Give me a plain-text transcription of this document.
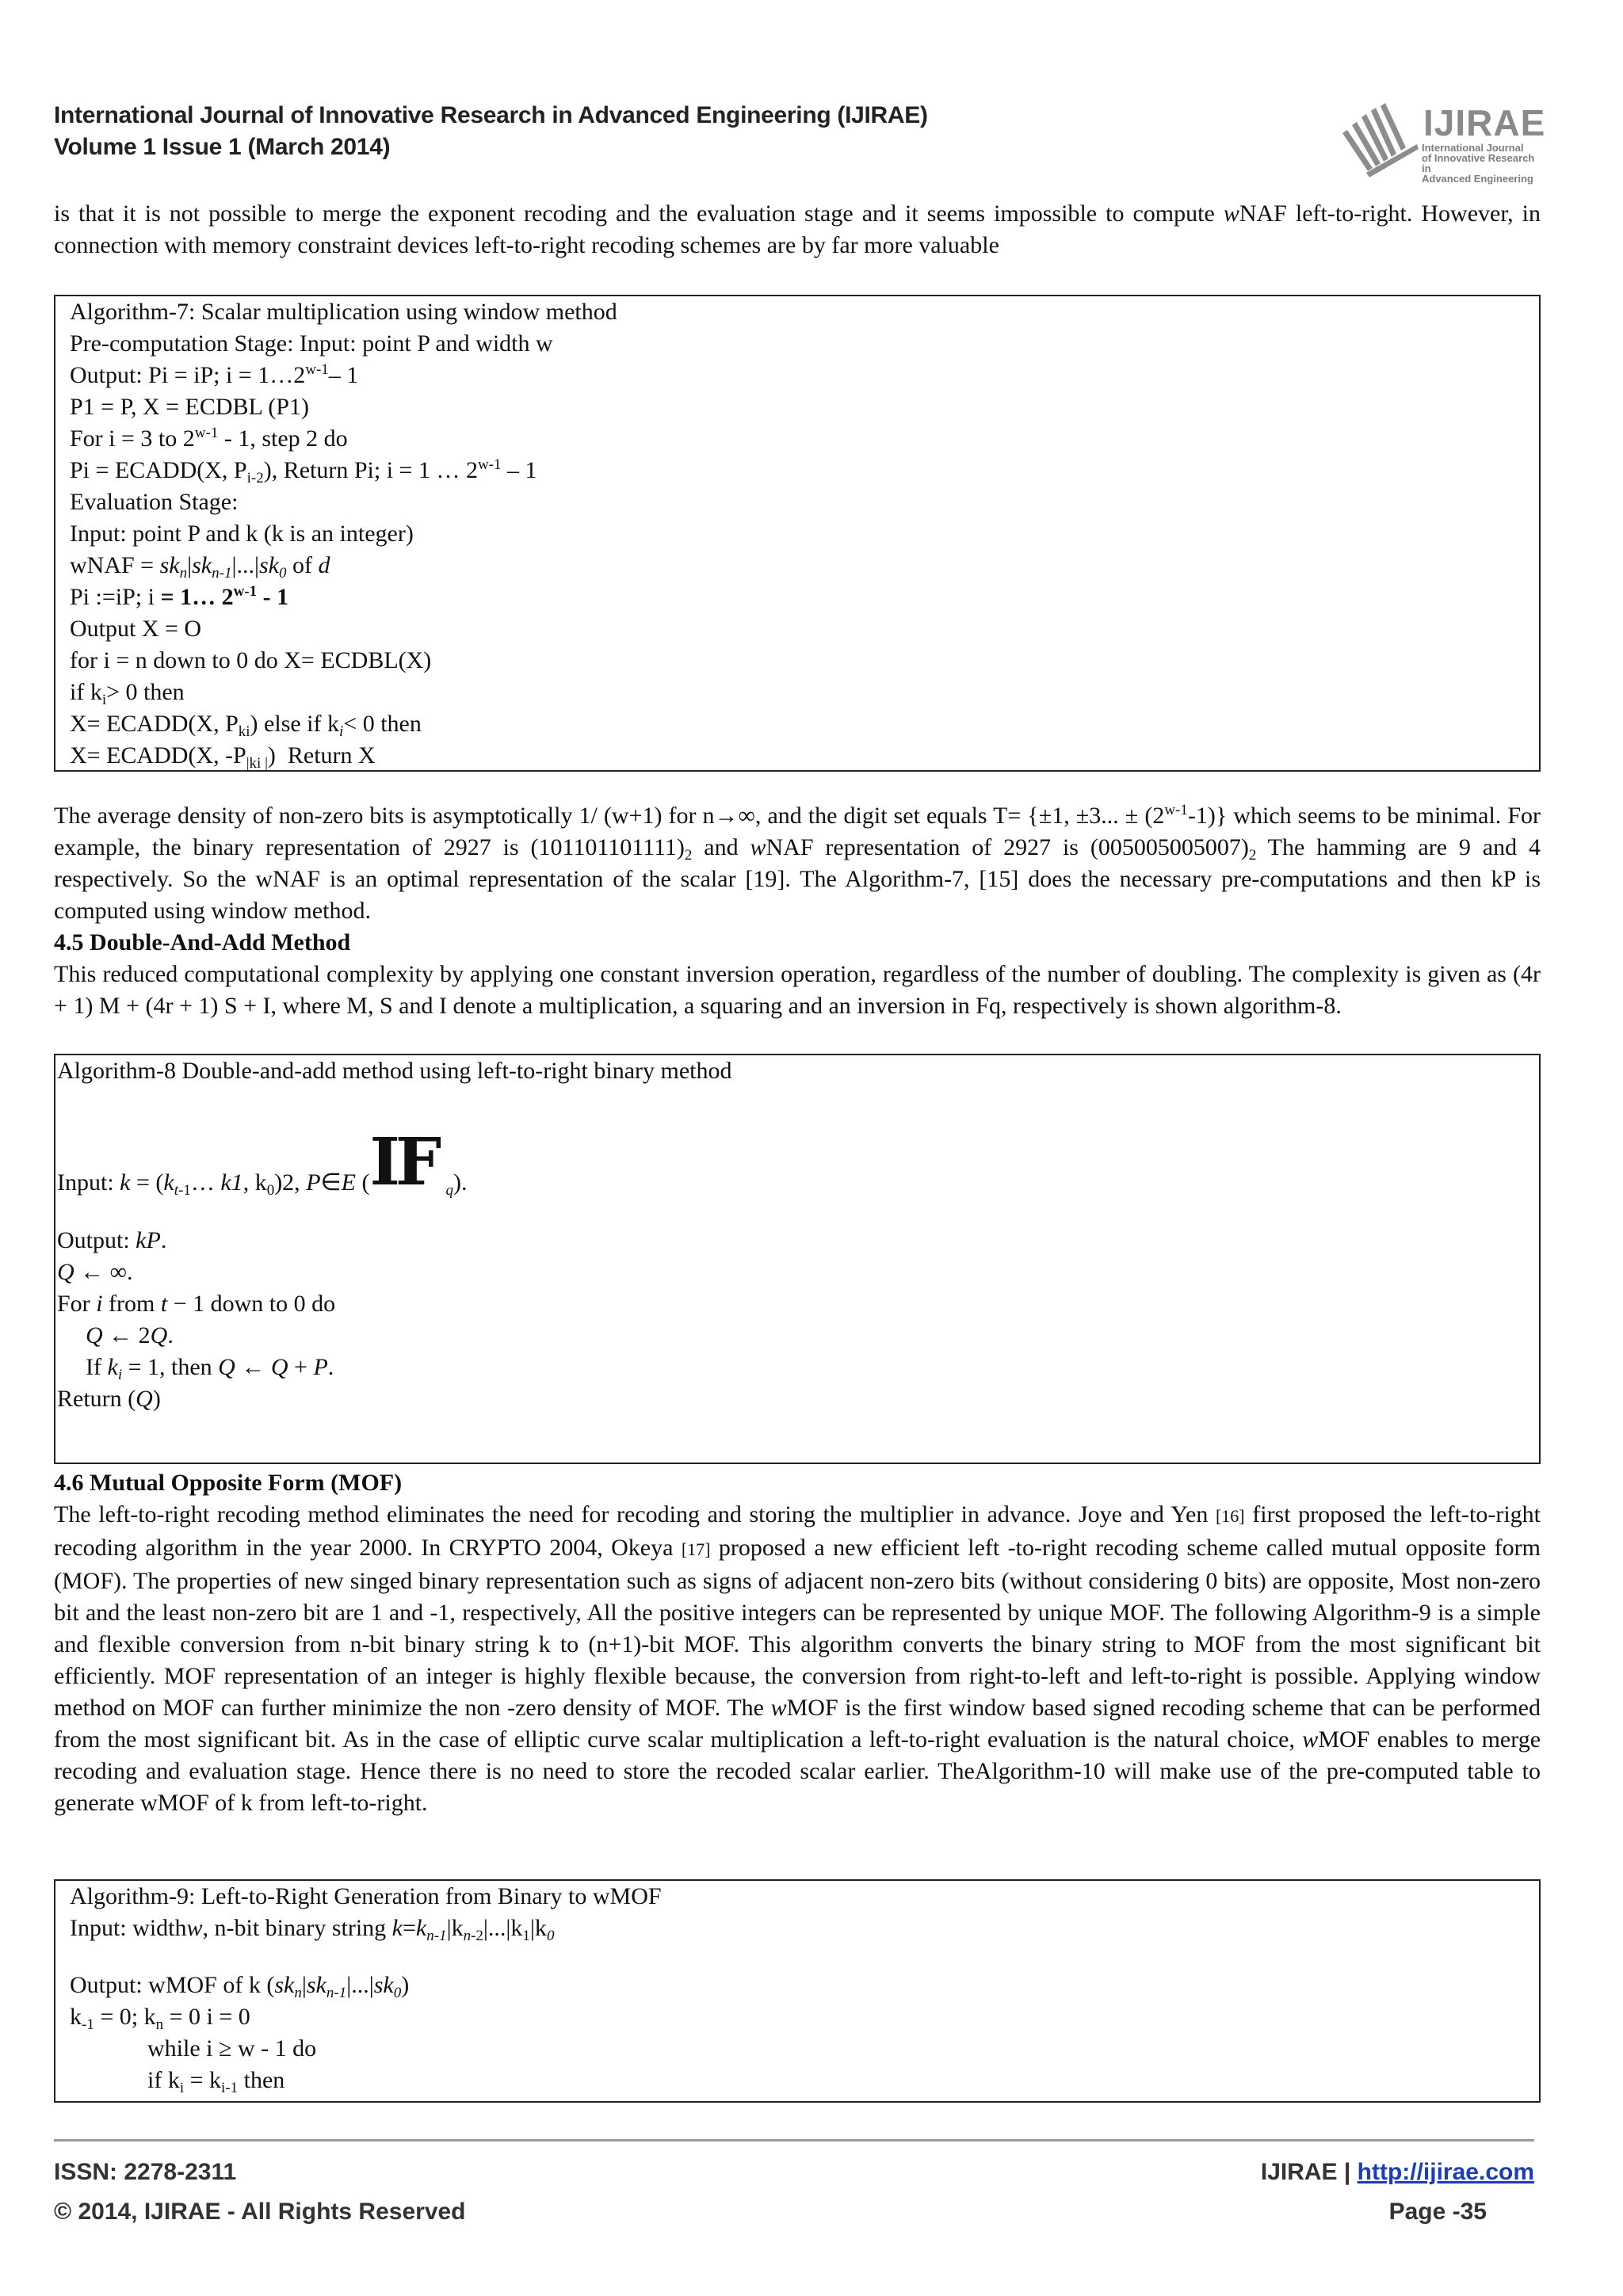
International Journal of Innovative Research in Advanced Engineering (IJIRAE)
Volume 1 Issue 1 (March 2014)
IJIRAE
International Journal
of Innovative Research in
Advanced Engineering

is that it is not possible to merge the exponent recoding and the evaluation stage and it seems impossible to compute wNAF left-to-right. However, in connection with memory constraint devices left-to-right recoding schemes are by far more valuable

Algorithm-7: Scalar multiplication using window method
Pre-computation Stage: Input: point P and width w
Output: Pi = iP; $i = 1\dots 2^{w-1}-$ 1
P1 = P, X = ECDBL (P1)
For i = 3 to 2$^{w-1}$ - 1, step 2 do
Pi = ECADD(X, $P_{i-2}$), Return Pi; i = 1 … 2$^{w-1}$ – 1
Evaluation Stage:
Input: point P and k (k is an integer)
wNAF = $sk_n|sk_{n-1}|...|sk_0$ of d
Pi :=iP; i = 1… 2$^{w-1}$ - 1
Output X = O
for i = n down to 0 do X= ECDBL(X)
if $k_i> 0$ then
X= ECADD(X, $P_{ki}$) else if $k_i< 0$ then
X= ECADD(X, $-P_{|ki |}$)  Return X

The average density of non-zero bits is asymptotically 1/ (w+1) for n→∞, and the digit set equals T= {±1, ±3... ± $(2^{w-1}-1)$} which seems to be minimal. For example, the binary representation of 2927 is $(101101101111)_2$ and wNAF representation of 2927 is $(005005005007)_2$ The hamming are 9 and 4 respectively. So the wNAF is an optimal representation of the scalar [19]. The Algorithm-7, [15] does the necessary pre-computations and then kP is computed using window method.

4.5 Double-And-Add Method
This reduced computational complexity by applying one constant inversion operation, regardless of the number of doubling. The complexity is given as (4r + 1) M + (4r + 1) S + I, where M, S and I denote a multiplication, a squaring and an inversion in Fq, respectively is shown algorithm-8.
Algorithm-8 Double-and-add method using left-to-right binary method
Input: $k = (k_{t-1}\dots$ k1, $k_0)2$, P∈E ( IF $_q$).
Output: kP.
Q ← ∞.
For i from t − 1 down to 0 do
Q ← 2Q.
If $k_i = 1$, then Q ← Q + P.
Return (Q)
4.6 Mutual Opposite Form (MOF)

The left-to-right recoding method eliminates the need for recoding and storing the multiplier in advance. Joye and Yen [16] first proposed the left-to-right recoding algorithm in the year 2000. In CRYPTO 2004, Okeya [17] proposed a new efficient left -to-right recoding scheme called mutual opposite form (MOF). The properties of new singed binary representation such as signs of adjacent non-zero bits (without considering 0 bits) are opposite, Most non-zero bit and the least non-zero bit are 1 and -1, respectively, All the positive integers can be represented by unique MOF. The following Algorithm-9 is a simple and flexible conversion from n-bit binary string k to (n+1)-bit MOF. This algorithm converts the binary string to MOF from the most significant bit efficiently. MOF representation of an integer is highly flexible because, the conversion from right-to-left and left-to-right is possible. Applying window method on MOF can further minimize the non -zero density of MOF. The wMOF is the first window based signed recoding scheme that can be performed from the most significant bit. As in the case of elliptic curve scalar multiplication a left-to-right evaluation is the natural choice, wMOF enables to merge recoding and evaluation stage. Hence there is no need to store the recoded scalar earlier. TheAlgorithm-10 will make use of the pre-computed table to generate wMOF of k from left-to-right.

Algorithm-9: Left-to-Right Generation from Binary to wMOF
Input: widthw, n-bit binary string $k=k_{n-1}|k_{n-2}|...|k_1|k_0$
Output: wMOF of k $(sk_n|sk_{n-1}|...|sk_0)$
$k_{-1} = 0$; $k_n = 0$ i = 0
while i ≥ w - 1 do
if $k_i = k_{i-1}$ then
ISSN: 2278-2311
© 2014, IJIRAE - All Rights Reserved
IJIRAE | http://ijirae.com
Page -35
